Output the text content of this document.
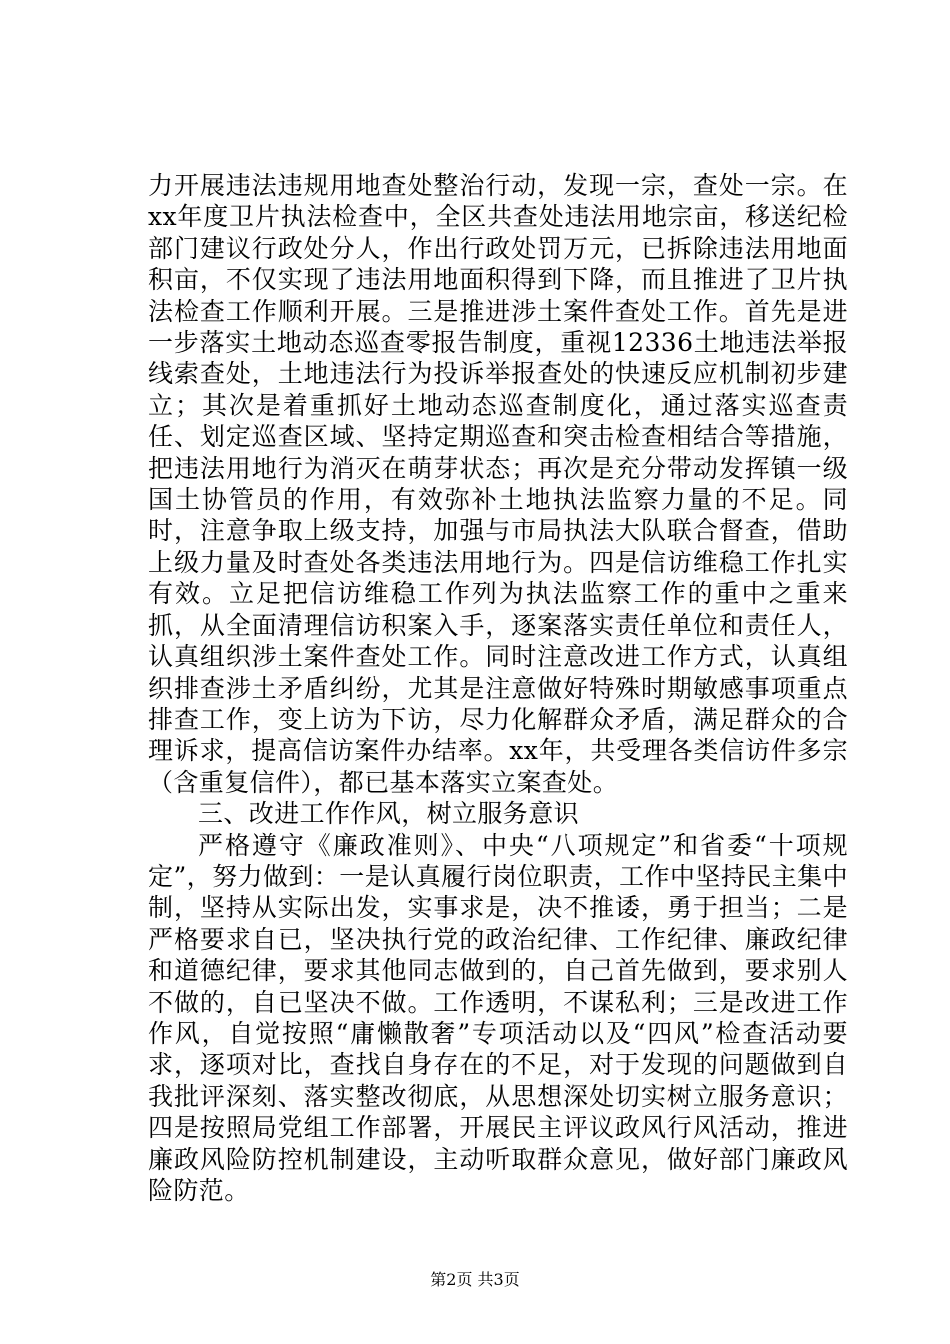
力开展违法违规用地查处整治行动，发现一宗，查处一宗。在xx年度卫片执法检查中，全区共查处违法用地宗亩，移送纪检部门建议行政处分人，作出行政处罚万元，已拆除违法用地面积亩，不仅实现了违法用地面积得到下降，而且推进了卫片执法检查工作顺利开展。三是推进涉土案件查处工作。首先是进一步落实土地动态巡查零报告制度，重视12336土地违法举报线索查处，土地违法行为投诉举报查处的快速反应机制初步建立；其次是着重抓好土地动态巡查制度化，通过落实巡查责任、划定巡查区域、坚持定期巡查和突击检查相结合等措施，把违法用地行为消灭在萌芽状态；再次是充分带动发挥镇一级国土协管员的作用，有效弥补土地执法监察力量的不足。同时，注意争取上级支持，加强与市局执法大队联合督查，借助上级力量及时查处各类违法用地行为。四是信访维稳工作扎实有效。立足把信访维稳工作列为执法监察工作的重中之重来抓，从全面清理信访积案入手，逐案落实责任单位和责任人，认真组织涉土案件查处工作。同时注意改进工作方式，认真组织排查涉土矛盾纠纷，尤其是注意做好特殊时期敏感事项重点排查工作，变上访为下访，尽力化解群众矛盾，满足群众的合理诉求，提高信访案件办结率。xx年，共受理各类信访件多宗（含重复信件），都已基本落实立案查处。

三、改进工作作风，树立服务意识

严格遵守《廉政准则》、中央“八项规定”和省委“十项规定”，努力做到：一是认真履行岗位职责，工作中坚持民主集中制，坚持从实际出发，实事求是，决不推诿，勇于担当；二是严格要求自已，坚决执行党的政治纪律、工作纪律、廉政纪律和道德纪律，要求其他同志做到的，自己首先做到，要求别人不做的，自已坚决不做。工作透明，不谋私利；三是改进工作作风，自觉按照“庸懒散奢”专项活动以及“四风”检查活动要求，逐项对比，查找自身存在的不足，对于发现的问题做到自我批评深刻、落实整改彻底，从思想深处切实树立服务意识；四是按照局党组工作部署，开展民主评议政风行风活动，推进廉政风险防控机制建设，主动听取群众意见，做好部门廉政风险防范。

第2页 共3页
